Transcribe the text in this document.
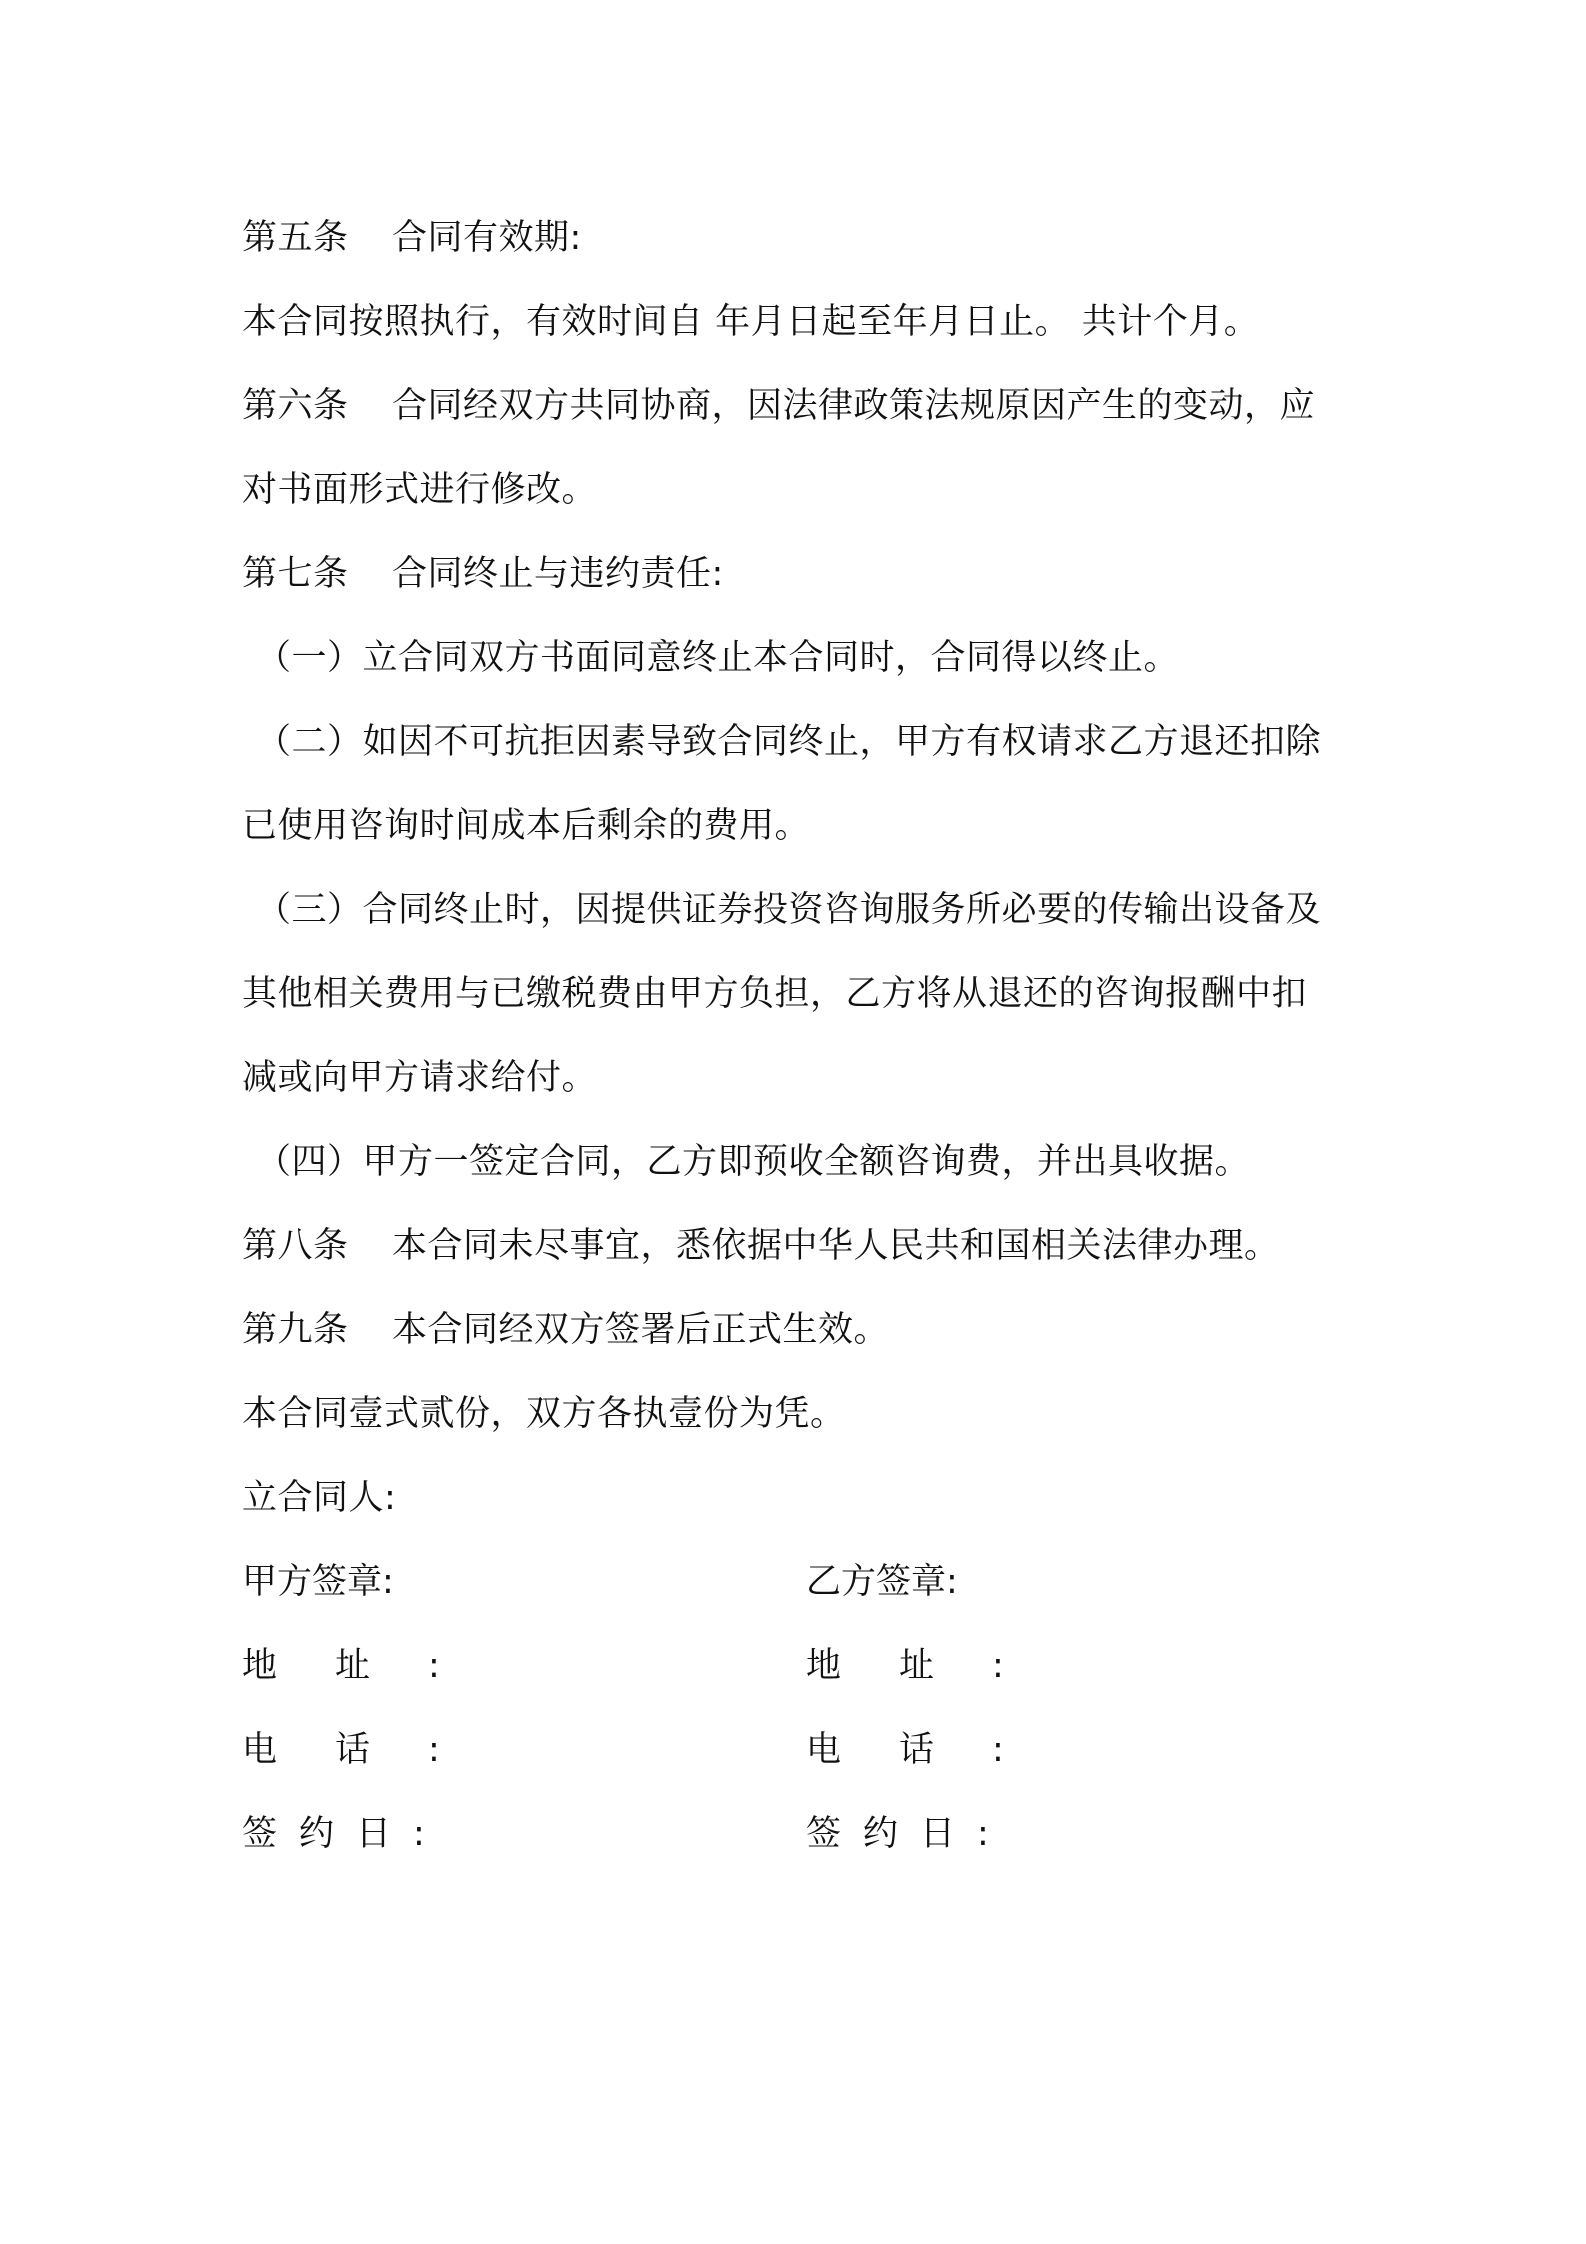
第五条 合同有效期:
本合同按照执行，有效时间自 年月日起至年月日止。 共计个月。
第六条 合同经双方共同协商，因法律政策法规原因产生的变动，应
对书面形式进行修改。
第七条 合同终止与违约责任:
（一）立合同双方书面同意终止本合同时，合同得以终止。
（二）如因不可抗拒因素导致合同终止，甲方有权请求乙方退还扣除
已使用咨询时间成本后剩余的费用。
（三）合同终止时，因提供证券投资咨询服务所必要的传输出设备及
其他相关费用与已缴税费由甲方负担，乙方将从退还的咨询报酬中扣
减或向甲方请求给付。
（四）甲方一签定合同，乙方即预收全额咨询费，并出具收据。
第八条 本合同未尽事宜，悉依据中华人民共和国相关法律办理。
第九条 本合同经双方签署后正式生效。
本合同壹式贰份，双方各执壹份为凭。
立合同人:
甲方签章:	乙方签章:
地址:	地址:
电话:	电话:
签约日:	签约日:
